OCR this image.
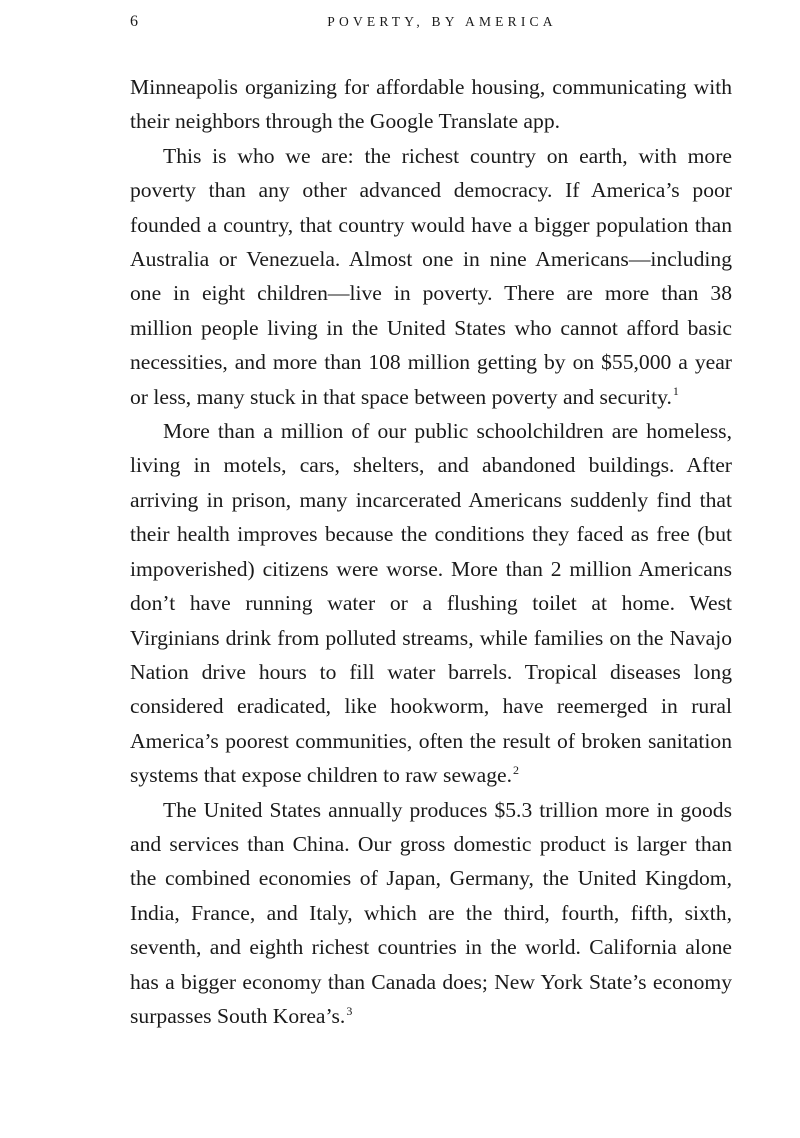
6	POVERTY, BY AMERICA

Minneapolis organizing for affordable housing, communicating with their neighbors through the Google Translate app.

This is who we are: the richest country on earth, with more poverty than any other advanced democracy. If America’s poor founded a country, that country would have a bigger population than Australia or Venezuela. Almost one in nine Americans—including one in eight children—live in poverty. There are more than 38 million people living in the United States who cannot afford basic necessities, and more than 108 million getting by on $55,000 a year or less, many stuck in that space between poverty and security.$^1$

More than a million of our public schoolchildren are homeless, living in motels, cars, shelters, and abandoned buildings. After arriving in prison, many incarcerated Americans suddenly find that their health improves because the conditions they faced as free (but impoverished) citizens were worse. More than 2 million Americans don’t have running water or a flushing toilet at home. West Virginians drink from polluted streams, while families on the Navajo Nation drive hours to fill water barrels. Tropical diseases long considered eradicated, like hookworm, have reemerged in rural America’s poorest communities, often the result of broken sanitation systems that expose children to raw sewage.$^2$

The United States annually produces $5.3 trillion more in goods and services than China. Our gross domestic product is larger than the combined economies of Japan, Germany, the United Kingdom, India, France, and Italy, which are the third, fourth, fifth, sixth, seventh, and eighth richest countries in the world. California alone has a bigger economy than Canada does; New York State’s economy surpasses South Korea’s.$^3$
